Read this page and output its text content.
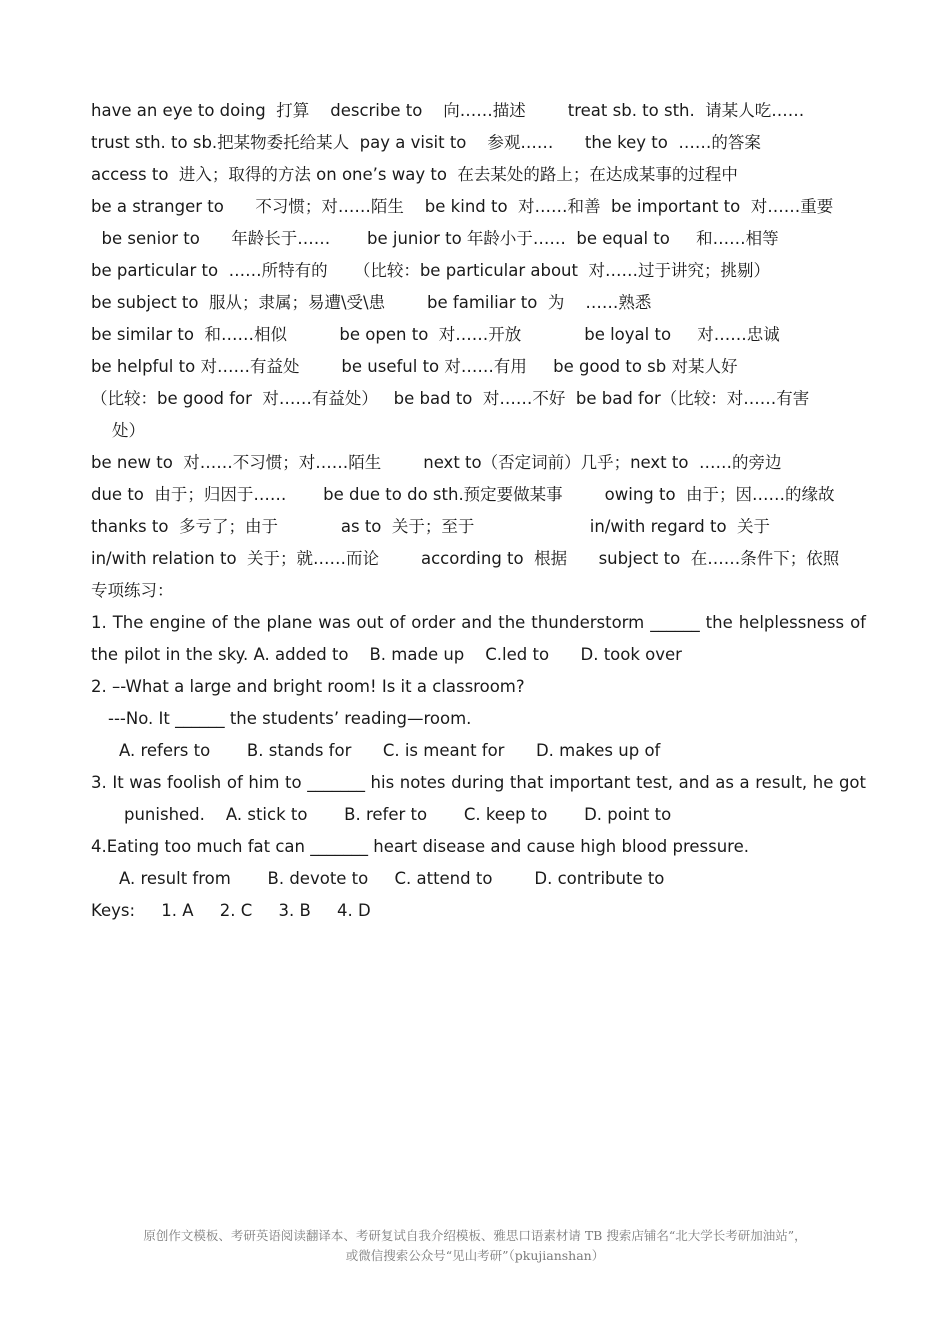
have an eye to doing  打算    describe to    向……描述        treat sb. to sth.  请某人吃……
trust sth. to sb.把某物委托给某人  pay a visit to    参观……      the key to  ……的答案
access to  进入；取得的方法 on one’s way to  在去某处的路上；在达成某事的过程中
be a stranger to      不习惯；对……陌生    be kind to  对……和善  be important to  对……重要
be senior to      年龄长于……       be junior to 年龄小于……  be equal to     和……相等
be particular to  ……所特有的     （比较：be particular about  对……过于讲究；挑剔）
be subject to  服从；隶属；易遭\受\患        be familiar to  为    ……熟悉
be similar to  和……相似          be open to  对……开放            be loyal to     对……忠诚
be helpful to 对……有益处        be useful to 对……有用     be good to sb 对某人好
（比较：be good for  对……有益处）   be bad to  对……不好  be bad for（比较：对……有害
处）
be new to  对……不习惯；对……陌生        next to（否定词前）几乎；next to  ……的旁边
due to  由于；归因于……       be due to do sth.预定要做某事        owing to  由于；因……的缘故
thanks to  多亏了；由于            as to  关于；至于                      in/with regard to  关于
in/with relation to  关于；就……而论        according to  根据      subject to  在……条件下；依照
专项练习：
1. The engine of the plane was out of order and the thunderstorm ______ the helplessness of the pilot in the sky. A. added to    B. made up    C.led to      D. took over
2. –-What a large and bright room! Is it a classroom?
---No. It ______ the students’ reading—room.
A. refers to       B. stands for      C. is meant for      D. makes up of
3. It was foolish of him to _______ his notes during that important test, and as a result, he got
punished.    A. stick to       B. refer to       C. keep to       D. point to
4.Eating too much fat can _______ heart disease and cause high blood pressure.
A. result from       B. devote to     C. attend to        D. contribute to
Keys:     1. A     2. C     3. B     4. D
原创作文模板、考研英语阅读翻译本、考研复试自我介绍模板、雅思口语素材请 TB 搜索店铺名“北大学长考研加油站”，
或微信搜索公众号“见山考研”（pkujianshan）
